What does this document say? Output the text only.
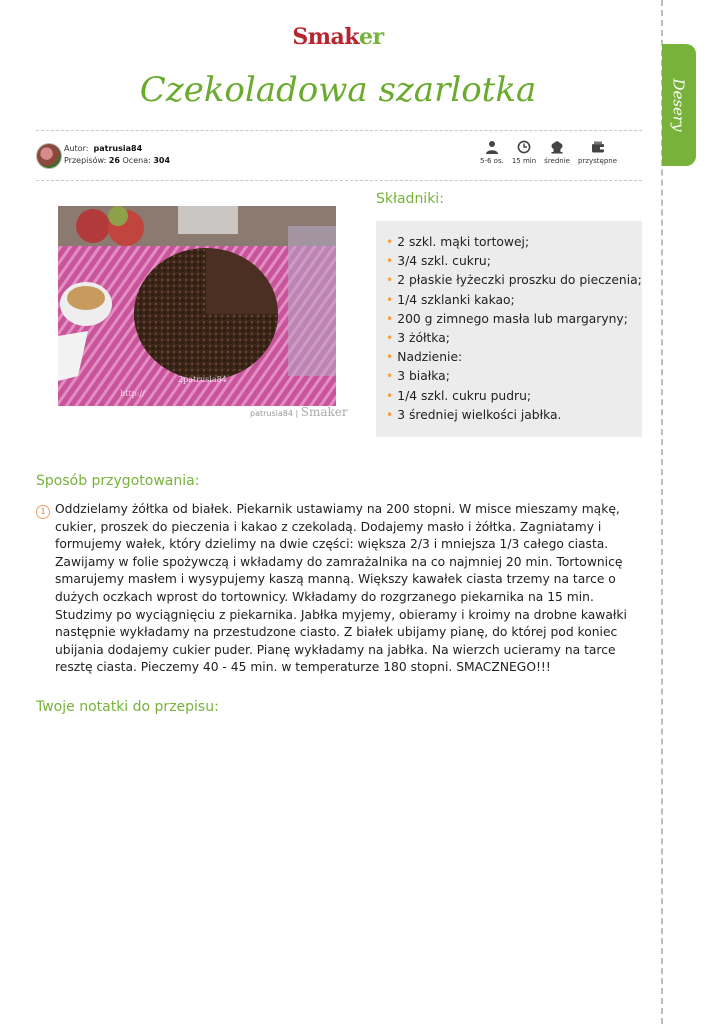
Desery
Smaker
Czekoladowa szarlotka
Autor: patrusia84
Przepisów: 26 Ocena: 304	5-6 os. 15 min średnie przystępne
2patrusia84
http://
patrusia84 | Smaker
Składniki:
• 2 szkl. mąki tortowej;
• 3/4 szkl. cukru;
• 2 płaskie łyżeczki proszku do pieczenia;
• 1/4 szklanki kakao;
• 200 g zimnego masła lub margaryny;
• 3 żółtka;
• Nadzienie:
• 3 białka;
• 1/4 szkl. cukru pudru;
• 3 średniej wielkości jabłka.
Sposób przygotowania:
1 Oddzielamy żółtka od białek. Piekarnik ustawiamy na 200 stopni. W misce mieszamy mąkę, cukier, proszek do pieczenia i kakao z czekoladą. Dodajemy masło i żółtka. Zagniatamy i formujemy wałek, który dzielimy na dwie części: większa 2/3 i mniejsza 1/3 całego ciasta. Zawijamy w folie spożywczą i wkładamy do zamrażalnika na co najmniej 20 min. Tortownicę smarujemy masłem i wysypujemy kaszą manną. Większy kawałek ciasta trzemy na tarce o dużych oczkach wprost do tortownicy. Wkładamy do rozgrzanego piekarnika na 15 min. Studzimy po wyciągnięciu z piekarnika. Jabłka myjemy, obieramy i kroimy na drobne kawałki następnie wykładamy na przestudzone ciasto. Z białek ubijamy pianę, do której pod koniec ubijania dodajemy cukier puder. Pianę wykładamy na jabłka. Na wierzch ucieramy na tarce resztę ciasta. Pieczemy 40 - 45 min. w temperaturze 180 stopni. SMACZNEGO!!!
Twoje notatki do przepisu:
